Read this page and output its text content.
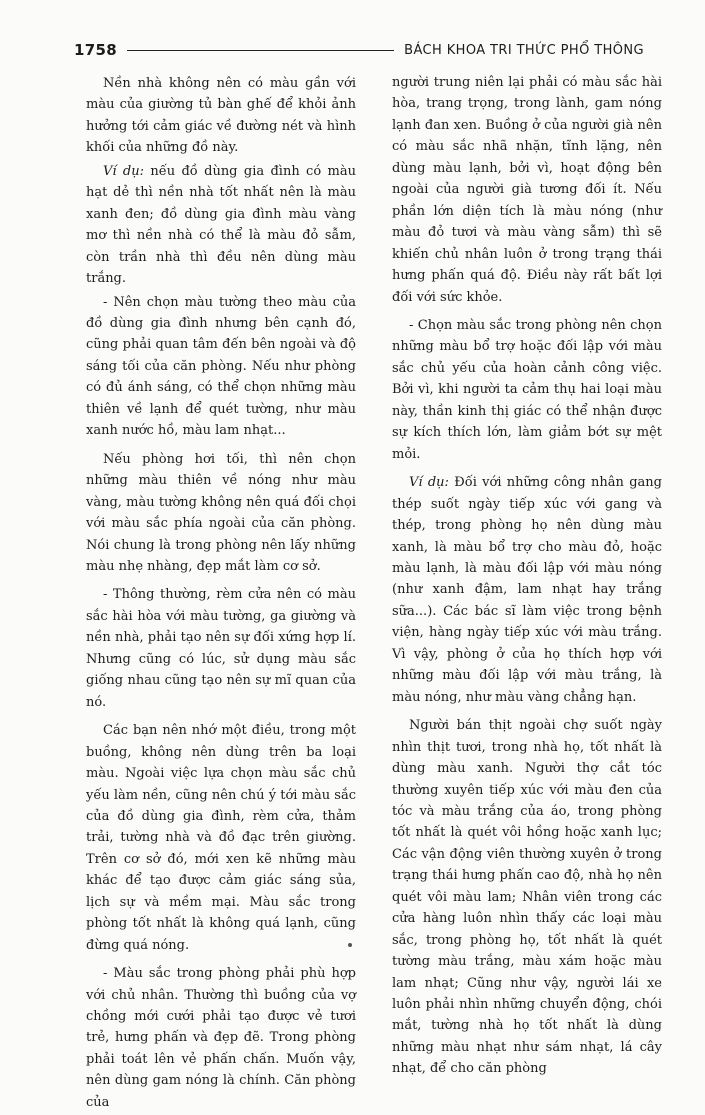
1758	BÁCH KHOA TRI THỨC PHỔ THÔNG

Nền nhà không nên có màu gần với màu của giường tủ bàn ghế để khỏi ảnh hưởng tới cảm giác về đường nét và hình khối của những đồ này.

Ví dụ: nếu đồ dùng gia đình có màu hạt dẻ thì nền nhà tốt nhất nên là màu xanh đen; đồ dùng gia đình màu vàng mơ thì nền nhà có thể là màu đỏ sẫm, còn trần nhà thì đều nên dùng màu trắng.

- Nên chọn màu tường theo màu của đồ dùng gia đình nhưng bên cạnh đó, cũng phải quan tâm đến bên ngoài và độ sáng tối của căn phòng. Nếu như phòng có đủ ánh sáng, có thể chọn những màu thiên về lạnh để quét tường, như màu xanh nước hồ, màu lam nhạt...

Nếu phòng hơi tối, thì nên chọn những màu thiên về nóng như màu vàng, màu tường không nên quá đối chọi với màu sắc phía ngoài của căn phòng. Nói chung là trong phòng nên lấy những màu nhẹ nhàng, đẹp mắt làm cơ sở.

- Thông thường, rèm cửa nên có màu sắc hài hòa với màu tường, ga giường và nền nhà, phải tạo nên sự đối xứng hợp lí. Nhưng cũng có lúc, sử dụng màu sắc giống nhau cũng tạo nên sự mĩ quan của nó.

Các bạn nên nhớ một điều, trong một buồng, không nên dùng trên ba loại màu. Ngoài việc lựa chọn màu sắc chủ yếu làm nền, cũng nên chú ý tới màu sắc của đồ dùng gia đình, rèm cửa, thảm trải, tường nhà và đồ đạc trên giường. Trên cơ sở đó, mới xen kẽ những màu khác để tạo được cảm giác sáng sủa, lịch sự và mềm mại. Màu sắc trong phòng tốt nhất là không quá lạnh, cũng đừng quá nóng.

- Màu sắc trong phòng phải phù hợp với chủ nhân. Thường thì buồng của vợ chồng mới cưới phải tạo được vẻ tươi trẻ, hưng phấn và đẹp đẽ. Trong phòng phải toát lên vẻ phấn chấn. Muốn vậy, nên dùng gam nóng là chính. Căn phòng của

người trung niên lại phải có màu sắc hài hòa, trang trọng, trong lành, gam nóng lạnh đan xen. Buồng ở của người già nên có màu sắc nhã nhặn, tĩnh lặng, nên dùng màu lạnh, bởi vì, hoạt động bên ngoài của người già tương đối ít. Nếu phần lớn diện tích là màu nóng (như màu đỏ tươi và màu vàng sẫm) thì sẽ khiến chủ nhân luôn ở trong trạng thái hưng phấn quá độ. Điều này rất bất lợi đối với sức khỏe.

- Chọn màu sắc trong phòng nên chọn những màu bổ trợ hoặc đối lập với màu sắc chủ yếu của hoàn cảnh công việc. Bởi vì, khi người ta cảm thụ hai loại màu này, thần kinh thị giác có thể nhận được sự kích thích lớn, làm giảm bớt sự mệt mỏi.

Ví dụ: Đối với những công nhân gang thép suốt ngày tiếp xúc với gang và thép, trong phòng họ nên dùng màu xanh, là màu bổ trợ cho màu đỏ, hoặc màu lạnh, là màu đối lập với màu nóng (như xanh đậm, lam nhạt hay trắng sữa...). Các bác sĩ làm việc trong bệnh viện, hàng ngày tiếp xúc với màu trắng. Vì vậy, phòng ở của họ thích hợp với những màu đối lập với màu trắng, là màu nóng, như màu vàng chẳng hạn.

Người bán thịt ngoài chợ suốt ngày nhìn thịt tươi, trong nhà họ, tốt nhất là dùng màu xanh. Người thợ cắt tóc thường xuyên tiếp xúc với màu đen của tóc và màu trắng của áo, trong phòng tốt nhất là quét vôi hồng hoặc xanh lục; Các vận động viên thường xuyên ở trong trạng thái hưng phấn cao độ, nhà họ nên quét vôi màu lam; Nhân viên trong các cửa hàng luôn nhìn thấy các loại màu sắc, trong phòng họ, tốt nhất là quét tường màu trắng, màu xám hoặc màu lam nhạt; Cũng như vậy, người lái xe luôn phải nhìn những chuyển động, chói mắt, tường nhà họ tốt nhất là dùng những màu nhạt như sám nhạt, lá cây nhạt, để cho căn phòng
